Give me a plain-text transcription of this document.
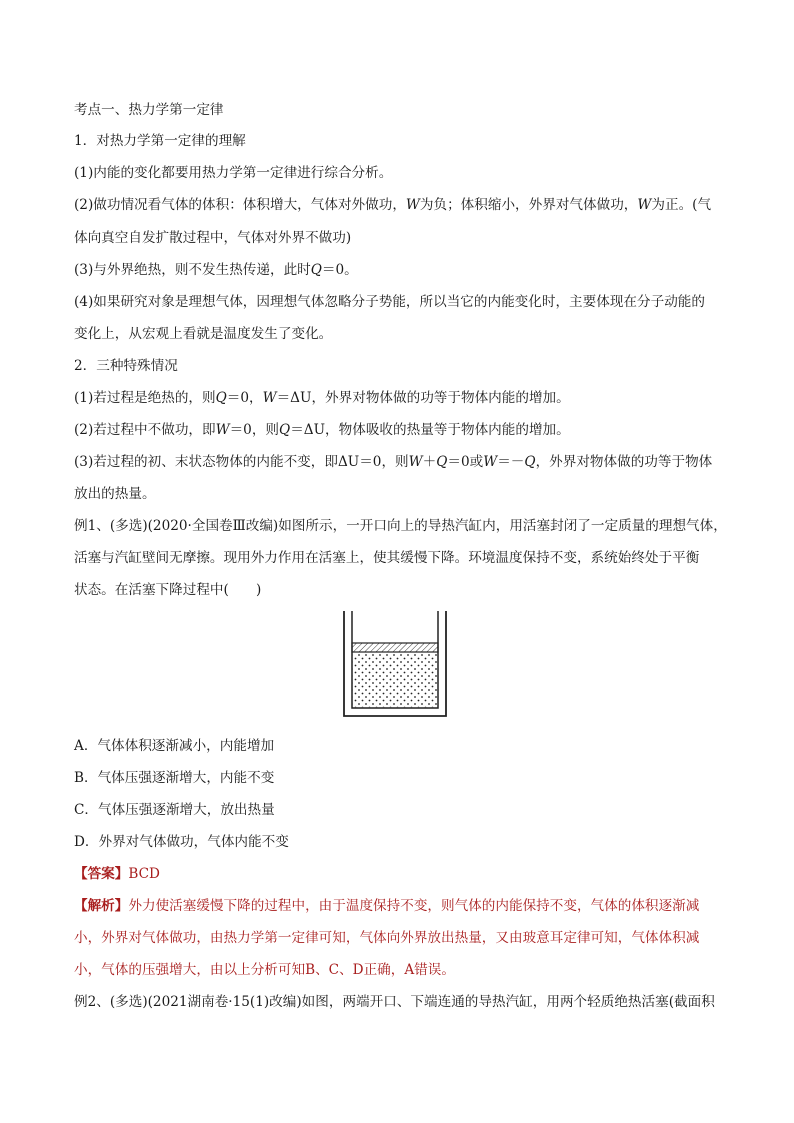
考点一、热力学第一定律
1．对热力学第一定律的理解
(1)内能的变化都要用热力学第一定律进行综合分析。
(2)做功情况看气体的体积：体积增大，气体对外做功，W为负；体积缩小，外界对气体做功，W为正。(气
体向真空自发扩散过程中，气体对外界不做功)
(3)与外界绝热，则不发生热传递，此时Q＝0。
(4)如果研究对象是理想气体，因理想气体忽略分子势能，所以当它的内能变化时，主要体现在分子动能的
变化上，从宏观上看就是温度发生了变化。
2．三种特殊情况
(1)若过程是绝热的，则Q＝0，W＝ΔU，外界对物体做的功等于物体内能的增加。
(2)若过程中不做功，即W＝0，则Q＝ΔU，物体吸收的热量等于物体内能的增加。
(3)若过程的初、末状态物体的内能不变，即ΔU＝0，则W＋Q＝0或W＝－Q，外界对物体做的功等于物体
放出的热量。
例1、(多选)(2020·全国卷Ⅲ改编)如图所示，一开口向上的导热汽缸内，用活塞封闭了一定质量的理想气体，
活塞与汽缸壁间无摩擦。现用外力作用在活塞上，使其缓慢下降。环境温度保持不变，系统始终处于平衡
状态。在活塞下降过程中(　　)
A．气体体积逐渐减小，内能增加
B．气体压强逐渐增大，内能不变
C．气体压强逐渐增大，放出热量
D．外界对气体做功，气体内能不变
【答案】BCD
【解析】外力使活塞缓慢下降的过程中，由于温度保持不变，则气体的内能保持不变，气体的体积逐渐减
小，外界对气体做功，由热力学第一定律可知，气体向外界放出热量，又由玻意耳定律可知，气体体积减
小，气体的压强增大，由以上分析可知B、C、D正确，A错误。
例2、(多选)(2021湖南卷·15(1)改编)如图，两端开口、下端连通的导热汽缸，用两个轻质绝热活塞(截面积
